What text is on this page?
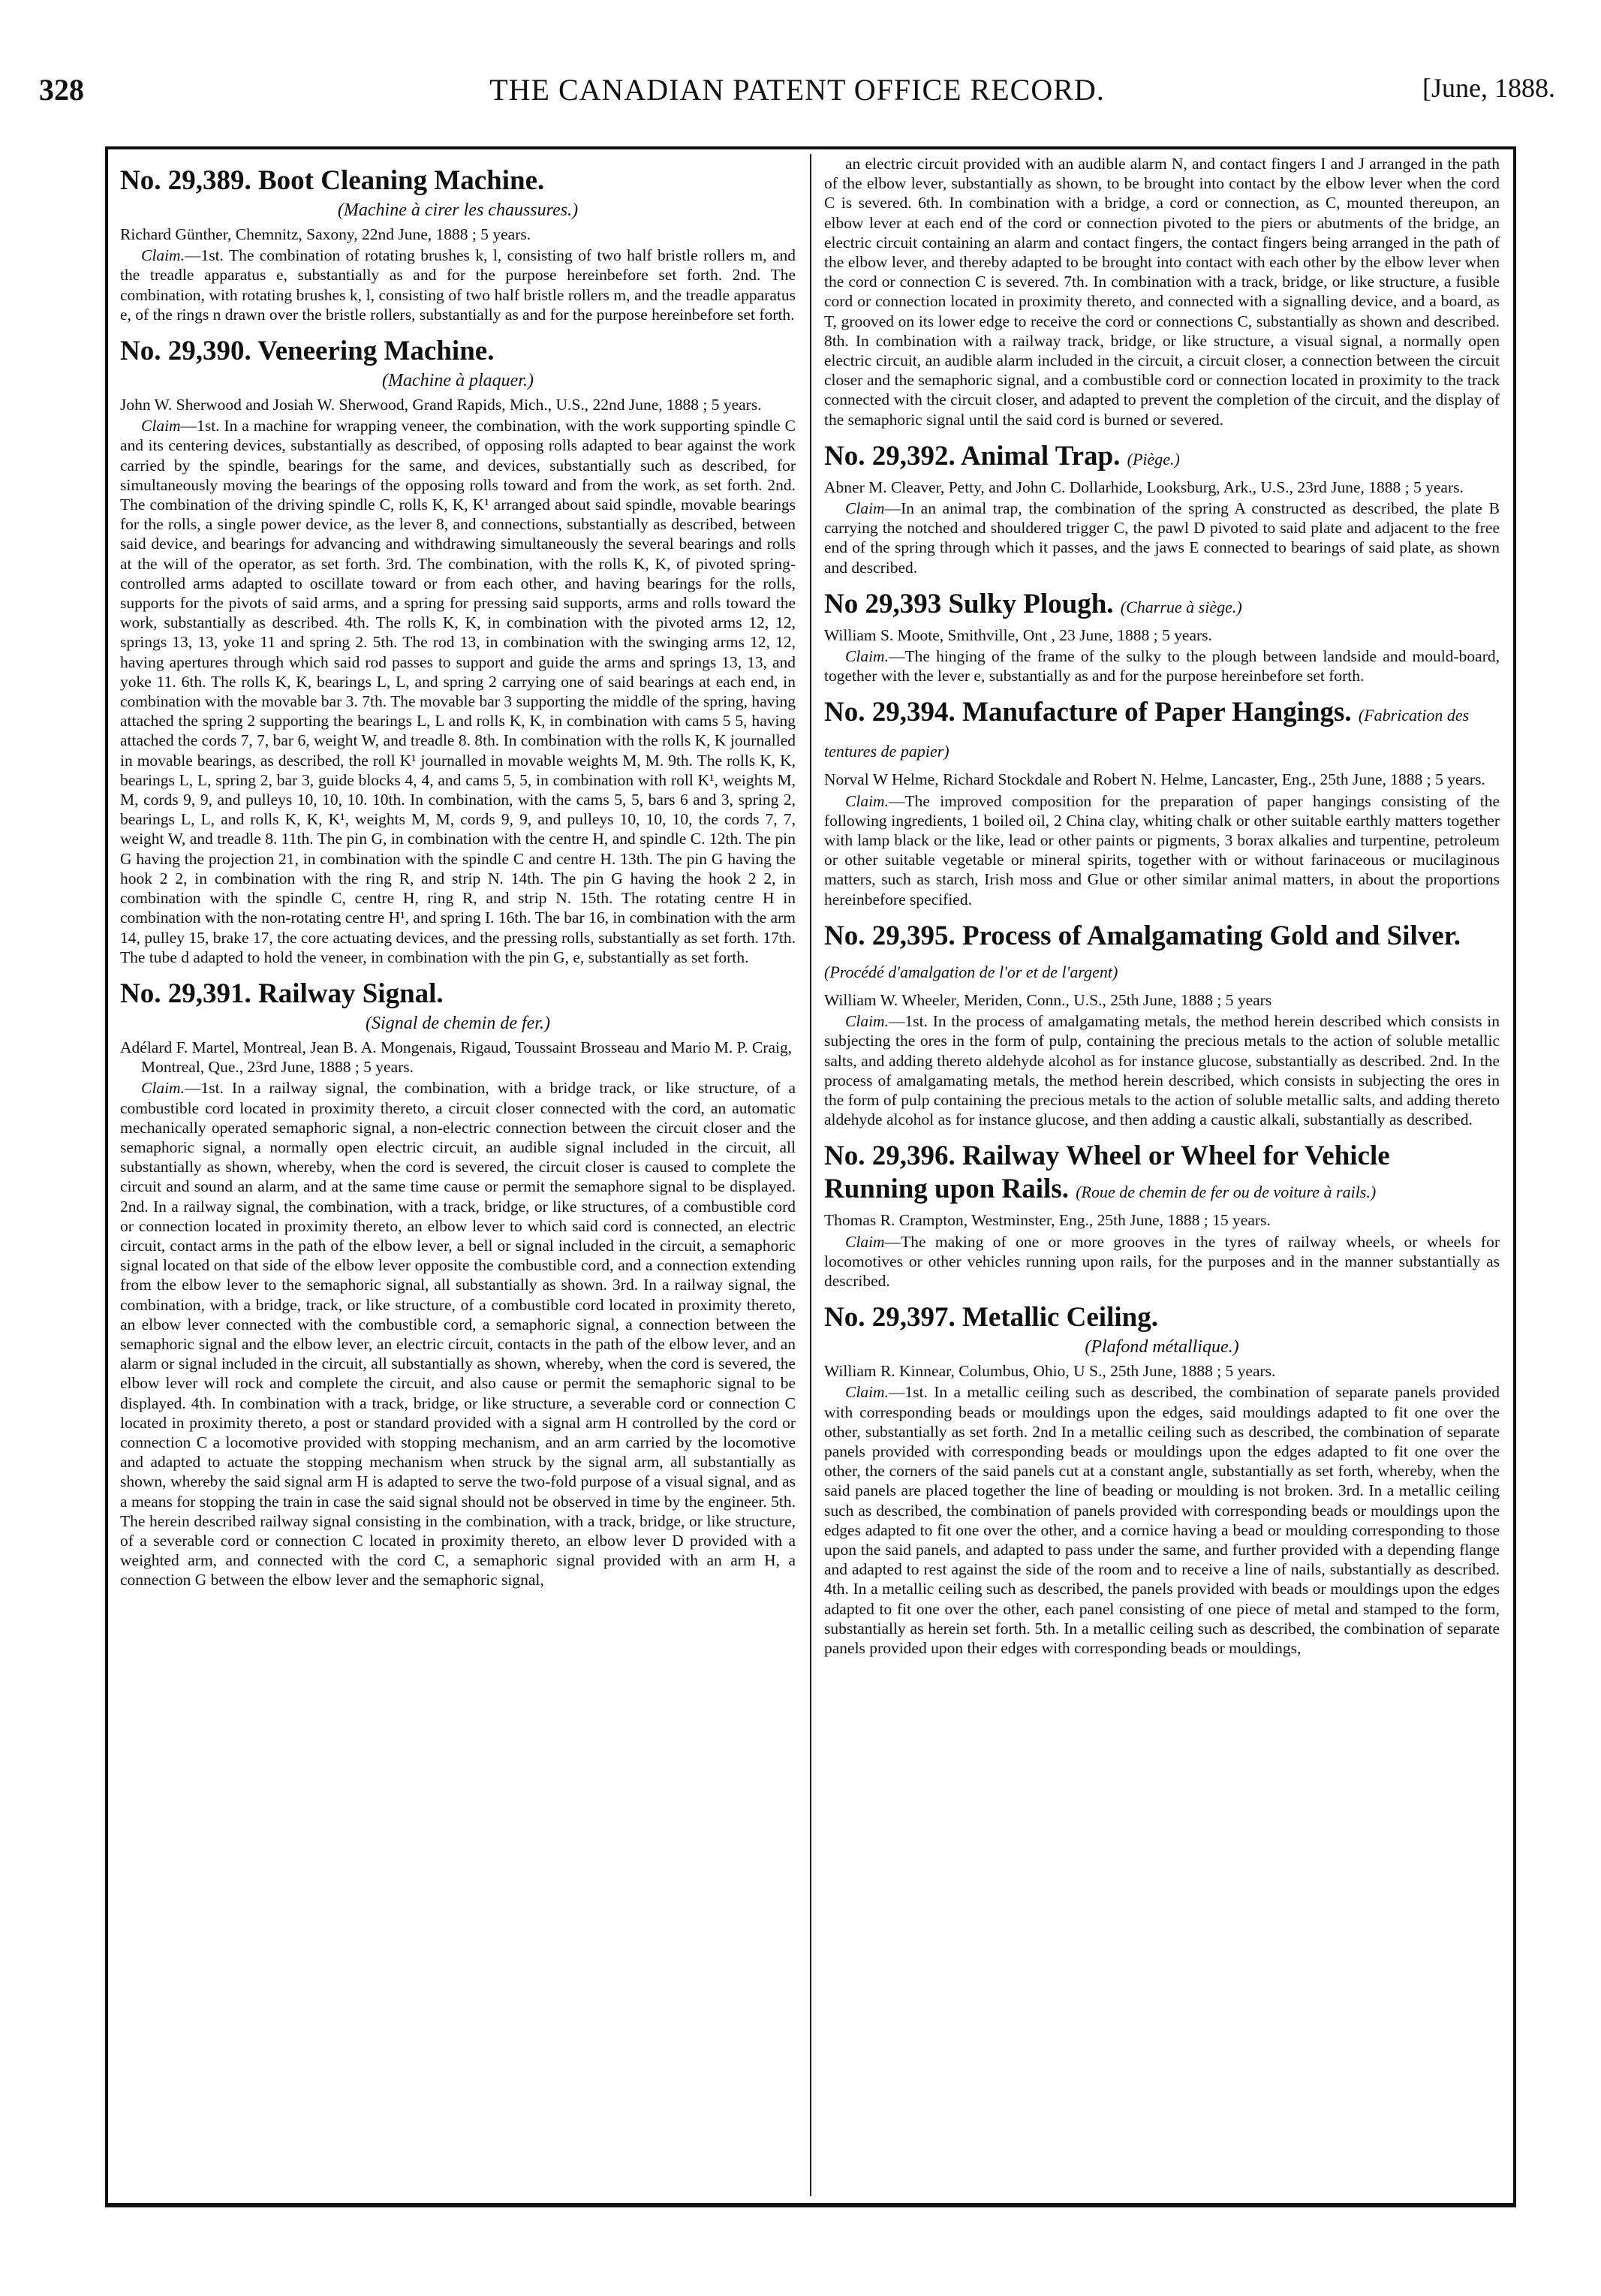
328	THE CANADIAN PATENT OFFICE RECORD.	[June, 1888.
No. 29,389. Boot Cleaning Machine.
(Machine à cirer les chaussures.)
Richard Günther, Chemnitz, Saxony, 22nd June, 1888 ; 5 years.
Claim.—1st. The combination of rotating brushes k, l, consisting of two half bristle rollers m, and the treadle apparatus e, substantially as and for the purpose hereinbefore set forth. 2nd. The combination, with rotating brushes k, l, consisting of two half bristle rollers m, and the treadle apparatus e, of the rings n drawn over the bristle rollers, substantially as and for the purpose hereinbefore set forth.
No. 29,390. Veneering Machine.
(Machine à plaquer.)
John W. Sherwood and Josiah W. Sherwood, Grand Rapids, Mich., U.S., 22nd June, 1888 ; 5 years.
Claim—1st. In a machine for wrapping veneer, the combination, with the work supporting spindle C and its centering devices, substantially as described, of opposing rolls adapted to bear against the work carried by the spindle, bearings for the same, and devices, substantially such as described, for simultaneously moving the bearings of the opposing rolls toward and from the work, as set forth. 2nd. The combination of the driving spindle C, rolls K, K, K¹ arranged about said spindle, movable bearings for the rolls, a single power device, as the lever 8, and connections, substantially as described, between said device, and bearings for advancing and withdrawing simultaneously the several bearings and rolls at the will of the operator, as set forth. 3rd. The combination, with the rolls K, K, of pivoted spring-controlled arms adapted to oscillate toward or from each other, and having bearings for the rolls, supports for the pivots of said arms, and a spring for pressing said supports, arms and rolls toward the work, substantially as described. 4th. The rolls K, K, in combination with the pivoted arms 12, 12, springs 13, 13, yoke 11 and spring 2. 5th. The rod 13, in combination with the swinging arms 12, 12, having apertures through which said rod passes to support and guide the arms and springs 13, 13, and yoke 11. 6th. The rolls K, K, bearings L, L, and spring 2 carrying one of said bearings at each end, in combination with the movable bar 3. 7th. The movable bar 3 supporting the middle of the spring, having attached the spring 2 supporting the bearings L, L and rolls K, K, in combination with cams 5 5, having attached the cords 7, 7, bar 6, weight W, and treadle 8. 8th. In combination with the rolls K, K journalled in movable bearings, as described, the roll K¹ journalled in movable weights M, M. 9th. The rolls K, K, bearings L, L, spring 2, bar 3, guide blocks 4, 4, and cams 5, 5, in combination with roll K¹, weights M, M, cords 9, 9, and pulleys 10, 10, 10. 10th. In combination, with the cams 5, 5, bars 6 and 3, spring 2, bearings L, L, and rolls K, K, K¹, weights M, M, cords 9, 9, and pulleys 10, 10, 10, the cords 7, 7, weight W, and treadle 8. 11th. The pin G, in combination with the centre H, and spindle C. 12th. The pin G having the projection 21, in combination with the spindle C and centre H. 13th. The pin G having the hook 2 2, in combination with the ring R, and strip N. 14th. The pin G having the hook 2 2, in combination with the spindle C, centre H, ring R, and strip N. 15th. The rotating centre H in combination with the non-rotating centre H¹, and spring I. 16th. The bar 16, in combination with the arm 14, pulley 15, brake 17, the core actuating devices, and the pressing rolls, substantially as set forth. 17th. The tube d adapted to hold the veneer, in combination with the pin G, e, substantially as set forth.
No. 29,391. Railway Signal.
(Signal de chemin de fer.)
Adélard F. Martel, Montreal, Jean B. A. Mongenais, Rigaud, Toussaint Brosseau and Mario M. P. Craig, Montreal, Que., 23rd June, 1888 ; 5 years.
Claim.—1st. In a railway signal, the combination, with a bridge track, or like structure, of a combustible cord located in proximity thereto, a circuit closer connected with the cord, an automatic mechanically operated semaphoric signal, a non-electric connection between the circuit closer and the semaphoric signal, a normally open electric circuit, an audible signal included in the circuit, all substantially as shown, whereby, when the cord is severed, the circuit closer is caused to complete the circuit and sound an alarm, and at the same time cause or permit the semaphore signal to be displayed. 2nd. In a railway signal, the combination, with a track, bridge, or like structures, of a combustible cord or connection located in proximity thereto, an elbow lever to which said cord is connected, an electric circuit, contact arms in the path of the elbow lever, a bell or signal included in the circuit, a semaphoric signal located on that side of the elbow lever opposite the combustible cord, and a connection extending from the elbow lever to the semaphoric signal, all substantially as shown. 3rd. In a railway signal, the combination, with a bridge, track, or like structure, of a combustible cord located in proximity thereto, an elbow lever connected with the combustible cord, a semaphoric signal, a connection between the semaphoric signal and the elbow lever, an electric circuit, contacts in the path of the elbow lever, and an alarm or signal included in the circuit, all substantially as shown, whereby, when the cord is severed, the elbow lever will rock and complete the circuit, and also cause or permit the semaphoric signal to be displayed. 4th. In combination with a track, bridge, or like structure, a severable cord or connection C located in proximity thereto, a post or standard provided with a signal arm H controlled by the cord or connection C a locomotive provided with stopping mechanism, and an arm carried by the locomotive and adapted to actuate the stopping mechanism when struck by the signal arm, all substantially as shown, whereby the said signal arm H is adapted to serve the two-fold purpose of a visual signal, and as a means for stopping the train in case the said signal should not be observed in time by the engineer. 5th. The herein described railway signal consisting in the combination, with a track, bridge, or like structure, of a severable cord or connection C located in proximity thereto, an elbow lever D provided with a weighted arm, and connected with the cord C, a semaphoric signal provided with an arm H, a connection G between the elbow lever and the semaphoric signal,
an electric circuit provided with an audible alarm N, and contact fingers I and J arranged in the path of the elbow lever, substantially as shown, to be brought into contact by the elbow lever when the cord C is severed. 6th. In combination with a bridge, a cord or connection, as C, mounted thereupon, an elbow lever at each end of the cord or connection pivoted to the piers or abutments of the bridge, an electric circuit containing an alarm and contact fingers, the contact fingers being arranged in the path of the elbow lever, and thereby adapted to be brought into contact with each other by the elbow lever when the cord or connection C is severed. 7th. In combination with a track, bridge, or like structure, a fusible cord or connection located in proximity thereto, and connected with a signalling device, and a board, as T, grooved on its lower edge to receive the cord or connections C, substantially as shown and described. 8th. In combination with a railway track, bridge, or like structure, a visual signal, a normally open electric circuit, an audible alarm included in the circuit, a circuit closer, a connection between the circuit closer and the semaphoric signal, and a combustible cord or connection located in proximity to the track connected with the circuit closer, and adapted to prevent the completion of the circuit, and the display of the semaphoric signal until the said cord is burned or severed.
No. 29,392. Animal Trap. (Piège.)
Abner M. Cleaver, Petty, and John C. Dollarhide, Looksburg, Ark., U.S., 23rd June, 1888 ; 5 years.
Claim—In an animal trap, the combination of the spring A constructed as described, the plate B carrying the notched and shouldered trigger C, the pawl D pivoted to said plate and adjacent to the free end of the spring through which it passes, and the jaws E connected to bearings of said plate, as shown and described.
No 29,393 Sulky Plough. (Charrue à siège.)
William S. Moote, Smithville, Ont , 23 June, 1888 ; 5 years.
Claim.—The hinging of the frame of the sulky to the plough between landside and mould-board, together with the lever e, substantially as and for the purpose hereinbefore set forth.
No. 29,394. Manufacture of Paper Hangings. (Fabrication des tentures de papier)
Norval W Helme, Richard Stockdale and Robert N. Helme, Lancaster, Eng., 25th June, 1888 ; 5 years.
Claim.—The improved composition for the preparation of paper hangings consisting of the following ingredients, 1 boiled oil, 2 China clay, whiting chalk or other suitable earthly matters together with lamp black or the like, lead or other paints or pigments, 3 borax alkalies and turpentine, petroleum or other suitable vegetable or mineral spirits, together with or without farinaceous or mucilaginous matters, such as starch, Irish moss and Glue or other similar animal matters, in about the proportions hereinbefore specified.
No. 29,395. Process of Amalgamating Gold and Silver. (Procédé d'amalgation de l'or et de l'argent)
William W. Wheeler, Meriden, Conn., U.S., 25th June, 1888 ; 5 years
Claim.—1st. In the process of amalgamating metals, the method herein described which consists in subjecting the ores in the form of pulp, containing the precious metals to the action of soluble metallic salts, and adding thereto aldehyde alcohol as for instance glucose, substantially as described. 2nd. In the process of amalgamating metals, the method herein described, which consists in subjecting the ores in the form of pulp containing the precious metals to the action of soluble metallic salts, and adding thereto aldehyde alcohol as for instance glucose, and then adding a caustic alkali, substantially as described.
No. 29,396. Railway Wheel or Wheel for Vehicle Running upon Rails. (Roue de chemin de fer ou de voiture à rails.)
Thomas R. Crampton, Westminster, Eng., 25th June, 1888 ; 15 years.
Claim—The making of one or more grooves in the tyres of railway wheels, or wheels for locomotives or other vehicles running upon rails, for the purposes and in the manner substantially as described.
No. 29,397. Metallic Ceiling.
(Plafond métallique.)
William R. Kinnear, Columbus, Ohio, U S., 25th June, 1888 ; 5 years.
Claim.—1st. In a metallic ceiling such as described, the combination of separate panels provided with corresponding beads or mouldings upon the edges, said mouldings adapted to fit one over the other, substantially as set forth. 2nd In a metallic ceiling such as described, the combination of separate panels provided with corresponding beads or mouldings upon the edges adapted to fit one over the other, the corners of the said panels cut at a constant angle, substantially as set forth, whereby, when the said panels are placed together the line of beading or moulding is not broken. 3rd. In a metallic ceiling such as described, the combination of panels provided with corresponding beads or mouldings upon the edges adapted to fit one over the other, and a cornice having a bead or moulding corresponding to those upon the said panels, and adapted to pass under the same, and further provided with a depending flange and adapted to rest against the side of the room and to receive a line of nails, substantially as described. 4th. In a metallic ceiling such as described, the panels provided with beads or mouldings upon the edges adapted to fit one over the other, each panel consisting of one piece of metal and stamped to the form, substantially as herein set forth. 5th. In a metallic ceiling such as described, the combination of separate panels provided upon their edges with corresponding beads or mouldings,
